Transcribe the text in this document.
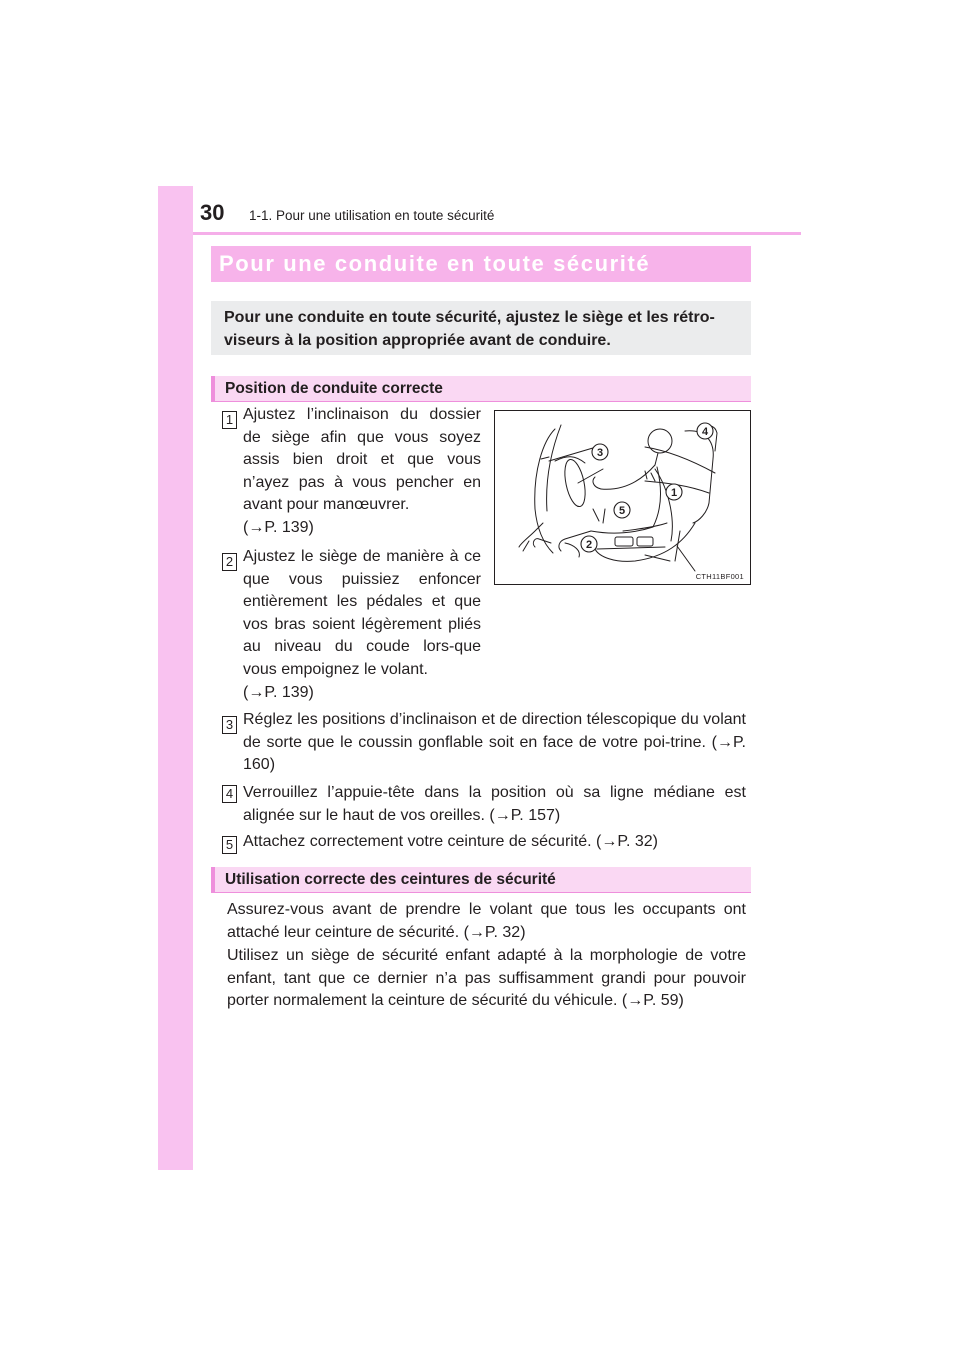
30 1-1. Pour une utilisation en toute sécurité
Pour une conduite en toute sécurité
Pour une conduite en toute sécurité, ajustez le siège et les rétro-viseurs à la position appropriée avant de conduire.
Position de conduite correcte
1 Ajustez l’inclinaison du dossier de siège afin que vous soyez assis bien droit et que vous n’ayez pas à vous pencher en avant pour manœuvrer.
(→P. 139)
2 Ajustez le siège de manière à ce que vous puissiez enfoncer entièrement les pédales et que vos bras soient légèrement pliés au niveau du coude lors-que vous empoignez le volant.
(→P. 139)
3 Réglez les positions d’inclinaison et de direction télescopique du volant de sorte que le coussin gonflable soit en face de votre poi-trine. (→P. 160)
4 Verrouillez l’appuie-tête dans la position où sa ligne médiane est alignée sur le haut de vos oreilles. (→P. 157)
5 Attachez correctement votre ceinture de sécurité. (→P. 32)
3
4
1
5
2
CTH11BF001
Utilisation correcte des ceintures de sécurité
Assurez-vous avant de prendre le volant que tous les occupants ont attaché leur ceinture de sécurité. (→P. 32)
Utilisez un siège de sécurité enfant adapté à la morphologie de votre enfant, tant que ce dernier n’a pas suffisamment grandi pour pouvoir porter normalement la ceinture de sécurité du véhicule. (→P. 59)
